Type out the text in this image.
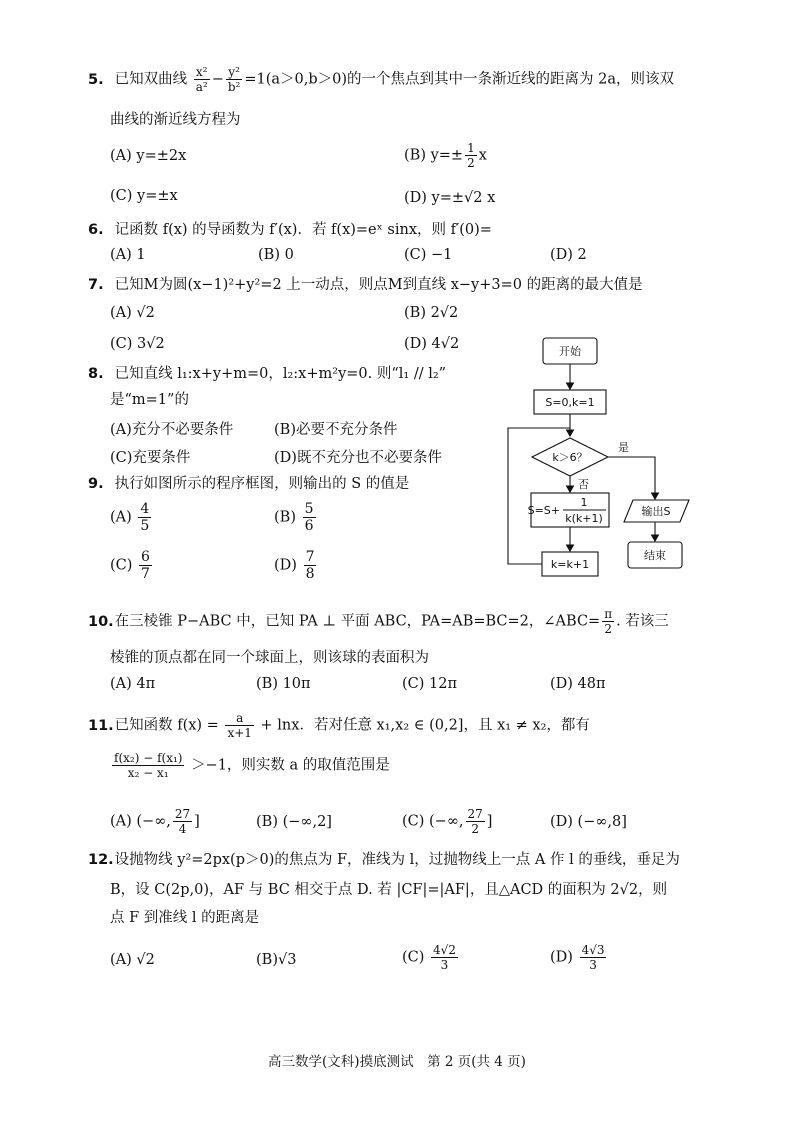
5. 已知双曲线 $\frac{\text{x²}}{\text{a²}} - \frac{\text{y²}}{\text{b²}} =1(a>0,b>0)$的一个焦点到其中一条渐近线的距离为 2a，则该双
曲线的渐近线方程为
(A) y=±2x	(B) $y=\pm \frac{1}{2}$ x
(C) y=±x	(D) y=±√2 x
6. 记函数 f(x) 的导函数为 f′(x)．若 f(x)=eˣ sinx，则 f′(0)=
(A) 1	(B) 0	(C) −1	(D) 2
7. 已知M为圆(x−1)²+y²=2 上一动点，则点M到直线 x−y+3=0 的距离的最大值是
(A) √2	(B) 2√2
(C) 3√2	(D) 4√2
8. 已知直线 l₁:x+y+m=0，l₂:x+m²y=0. 则“l₁ // l₂”
是“m=1”的
(A)充分不必要条件	(B)必要不充分条件
(C)充要条件	(D)既不充分也不必要条件
9. 执行如图所示的程序框图，则输出的 S 的值是
$(A) \frac{4}{5}$	$(B) \frac{5}{6}$
$(C) \frac{6}{7}$	$(D) \frac{7}{8}$
开始
S=0,k=1
k＞6？
是
否
S=S+
1
k(k+1)
k=k+1
输出S
结束
10. 在三棱锥 P−ABC 中，已知 PA ⊥ 平面 ABC，PA=AB=BC=2，∠ABC= $\frac{\pi}{2}$ . 若该三
棱锥的顶点都在同一个球面上，则该球的表面积为
(A) 4π	(B) 10π	(C) 12π	(D) 48π
11. 已知函数 $f(x) = \frac{a}{x+1} + \ln x$．若对任意 x₁,x₂ ∈ (0,2]，且 x₁ ≠ x₂，都有
$\frac{\text{f(x₂) − f(x₁)}}{\text{x₂ − x₁}} >-1$，则实数 a 的取值范围是
(A) (−∞, $\frac{27}{4}$ ]	(B) (−∞,2]	(C) (−∞, $\frac{27}{2}$ ]	(D) (−∞,8]
12. 设抛物线 y²=2px(p＞0)的焦点为 F，准线为 l，过抛物线上一点 A 作 l 的垂线，垂足为
B，设 C(2p,0)，AF 与 BC 相交于点 D. 若 |CF|=|AF|，且△ACD 的面积为 2√2，则
点 F 到准线 l 的距离是
(A) √2	(B)√3	$(C) \frac{4√2}{3}$	$(D) \frac{4√3}{3}$
高三数学(文科)摸底测试　第 2 页(共 4 页)
